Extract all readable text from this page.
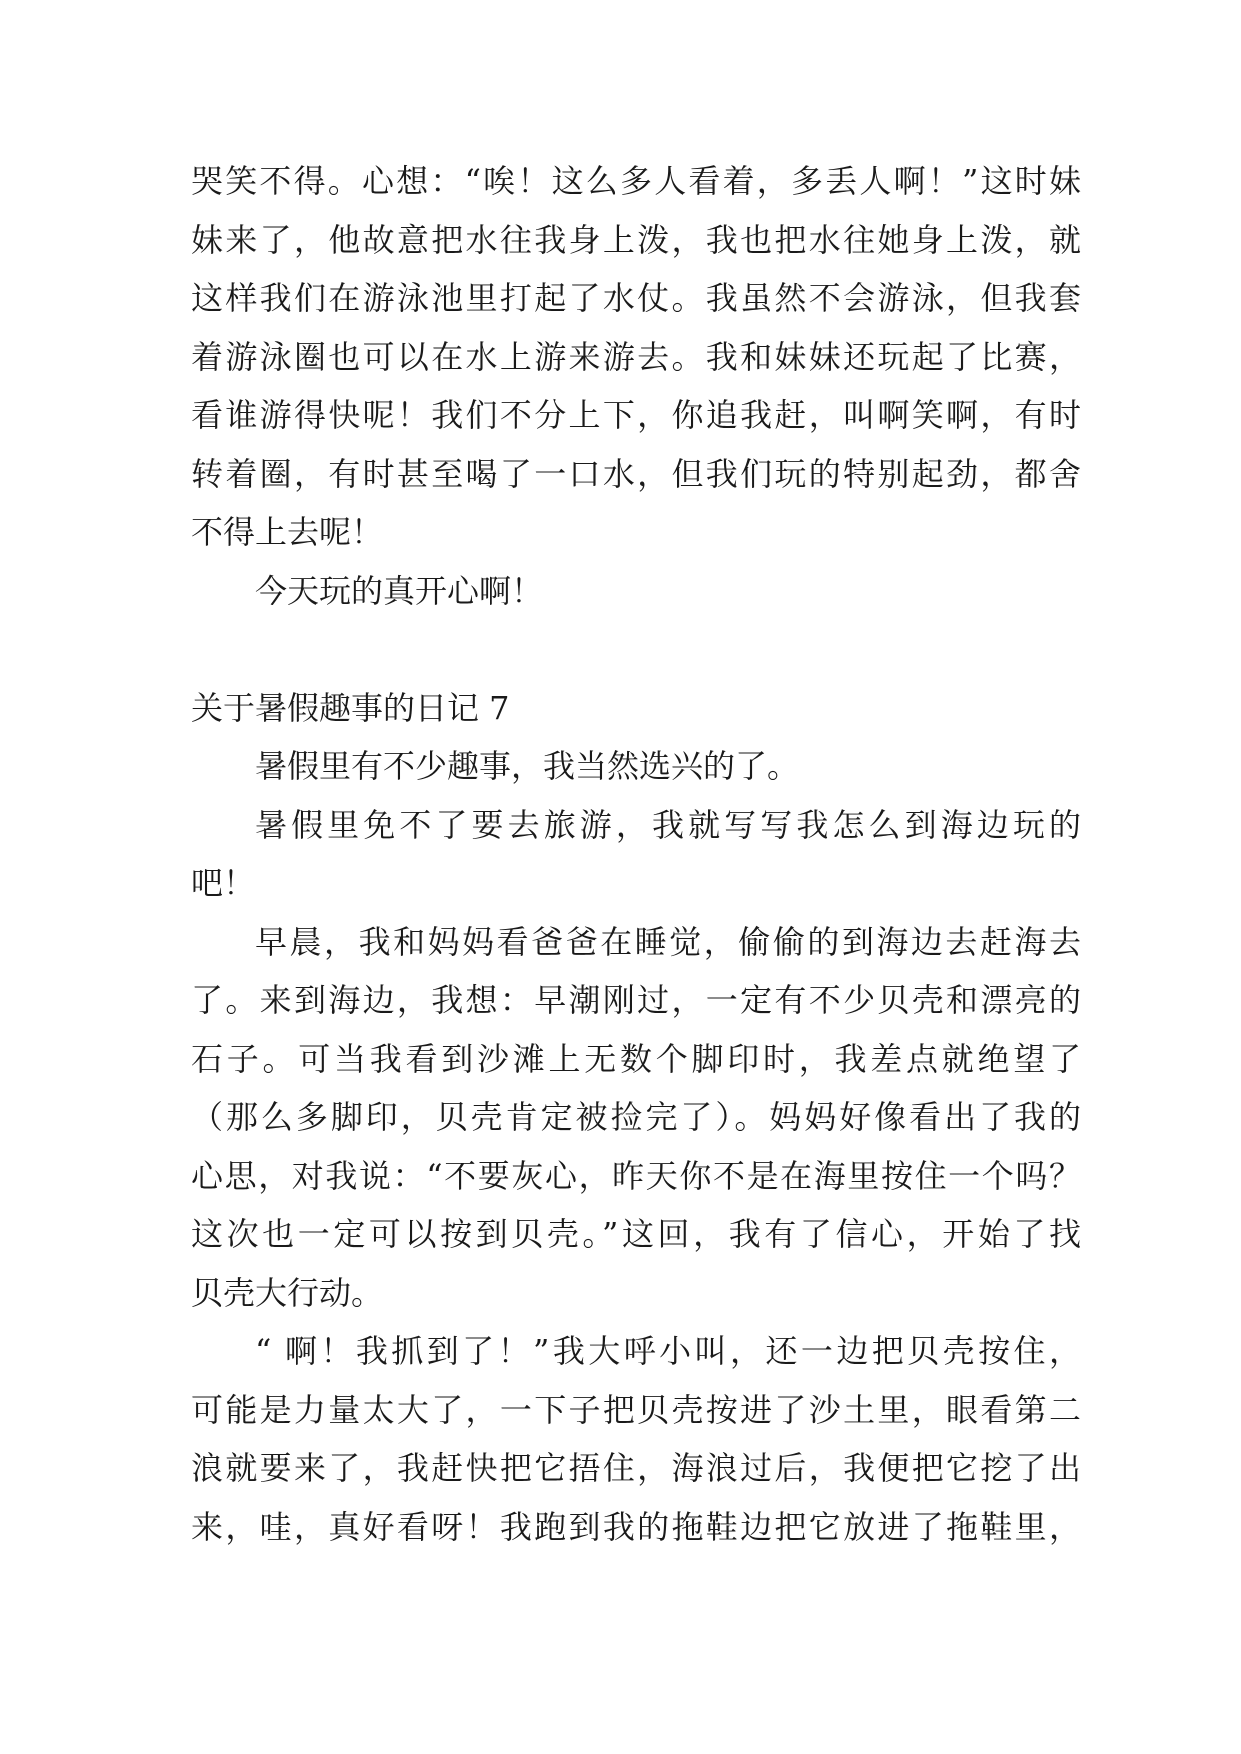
哭笑不得。心想：“唉！这么多人看着，多丢人啊！”这时妹
妹来了，他故意把水往我身上泼，我也把水往她身上泼，就
这样我们在游泳池里打起了水仗。我虽然不会游泳，但我套
着游泳圈也可以在水上游来游去。我和妹妹还玩起了比赛，
看谁游得快呢！我们不分上下，你追我赶，叫啊笑啊，有时
转着圈，有时甚至喝了一口水，但我们玩的特别起劲，都舍
不得上去呢！
今天玩的真开心啊！
关于暑假趣事的日记 7
暑假里有不少趣事，我当然选兴的了。
暑假里免不了要去旅游，我就写写我怎么到海边玩的
吧！
早晨，我和妈妈看爸爸在睡觉，偷偷的到海边去赶海去
了。来到海边，我想：早潮刚过，一定有不少贝壳和漂亮的
石子。可当我看到沙滩上无数个脚印时，我差点就绝望了
（那么多脚印，贝壳肯定被捡完了）。妈妈好像看出了我的
心思，对我说：“不要灰心，昨天你不是在海里按住一个吗？
这次也一定可以按到贝壳。”这回，我有了信心，开始了找
贝壳大行动。
“ 啊！我抓到了！”我大呼小叫，还一边把贝壳按住，
可能是力量太大了，一下子把贝壳按进了沙土里，眼看第二
浪就要来了，我赶快把它捂住，海浪过后，我便把它挖了出
来，哇，真好看呀！我跑到我的拖鞋边把它放进了拖鞋里，
